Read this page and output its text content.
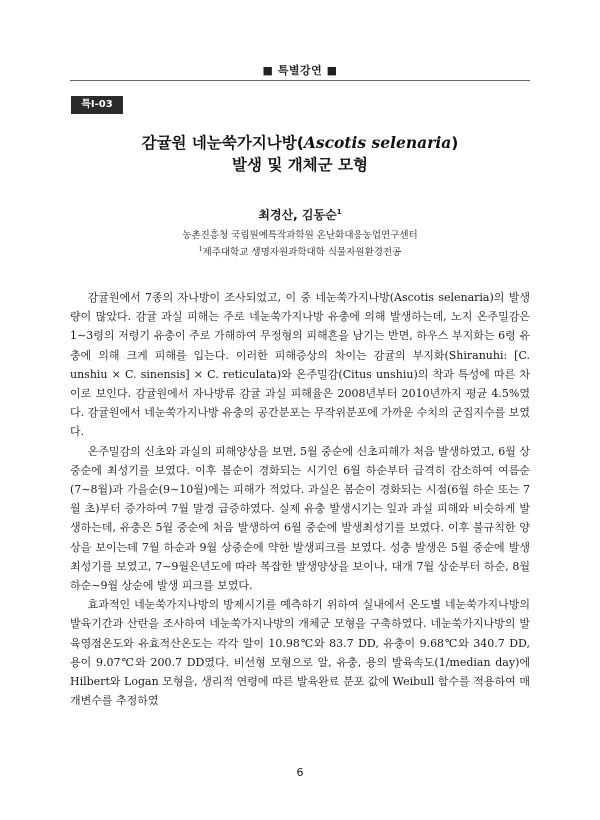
■ 특별강연 ■
특I-03
감귤원 네눈쑥가지나방(Ascotis selenaria)
발생 및 개체군 모형
최경산, 김동순$^1$
농촌진흥청 국립원예특작과학원 온난화대응농업연구센터
$^1$제주대학교 생명자원과학대학 식물자원환경전공

감귤원에서 7종의 자나방이 조사되었고, 이 중 네눈쑥가지나방(Ascotis selenaria)의 발생량이 많았다. 감귤 과실 피해는 주로 네눈쑥가지나방 유충에 의해 발생하는데, 노지 온주밀감은 1∼3령의 저령기 유충이 주로 가해하여 무정형의 피해흔을 남기는 반면, 하우스 부지화는 6령 유충에 의해 크게 피해를 입는다. 이러한 피해증상의 차이는 감귤의 부지화(Shiranuhi: [C. unshiu × C. sinensis] × C. reticulata)와 온주밀감(Citus unshiu)의 착과 특성에 따른 차이로 보인다. 감귤원에서 자나방류 감귤 과실 피해율은 2008년부터 2010년까지 평균 4.5%였다. 감귤원에서 네눈쑥가지나방 유충의 공간분포는 무작위분포에 가까운 수치의 군집지수를 보였다.

온주밀감의 신초와 과실의 피해양상을 보면, 5월 중순에 신초피해가 처음 발생하였고, 6월 상중순에 최성기를 보였다. 이후 봄순이 경화되는 시기인 6월 하순부터 급격히 감소하여 여름순(7∼8월)과 가을순(9∼10월)에는 피해가 적었다. 과실은 봄순이 경화되는 시점(6월 하순 또는 7월 초)부터 증가하여 7월 말경 급증하였다. 실제 유충 발생시기는 잎과 과실 피해와 비슷하게 발생하는데, 유충은 5월 중순에 처음 발생하여 6월 중순에 발생최성기를 보였다. 이후 불규칙한 양상을 보이는데 7월 하순과 9월 상중순에 약한 발생피크를 보였다. 성충 발생은 5월 중순에 발생최성기를 보였고, 7∼9월은년도에 따라 복잡한 발생양상을 보이나, 대개 7월 상순부터 하순, 8월 하순∼9월 상순에 발생 피크를 보였다.

효과적인 네눈쑥가지나방의 방제시기를 예측하기 위하여 실내에서 온도별 네눈쑥가지나방의 발육기간과 산란을 조사하여 네눈쑥가지나방의 개체군 모형을 구축하였다. 네눈쑥가지나방의 발육영점온도와 유효적산온도는 각각 알이 10.98℃와 83.7 DD, 유충이 9.68℃와 340.7 DD, 용이 9.07℃와 200.7 DD였다. 비선형 모형으로 알, 유충, 용의 발육속도(1/median day)에 Hilbert와 Logan 모형을, 생리적 연령에 따른 발육완료 분포 값에 Weibull 함수를 적용하여 매개변수를 추정하였

6
